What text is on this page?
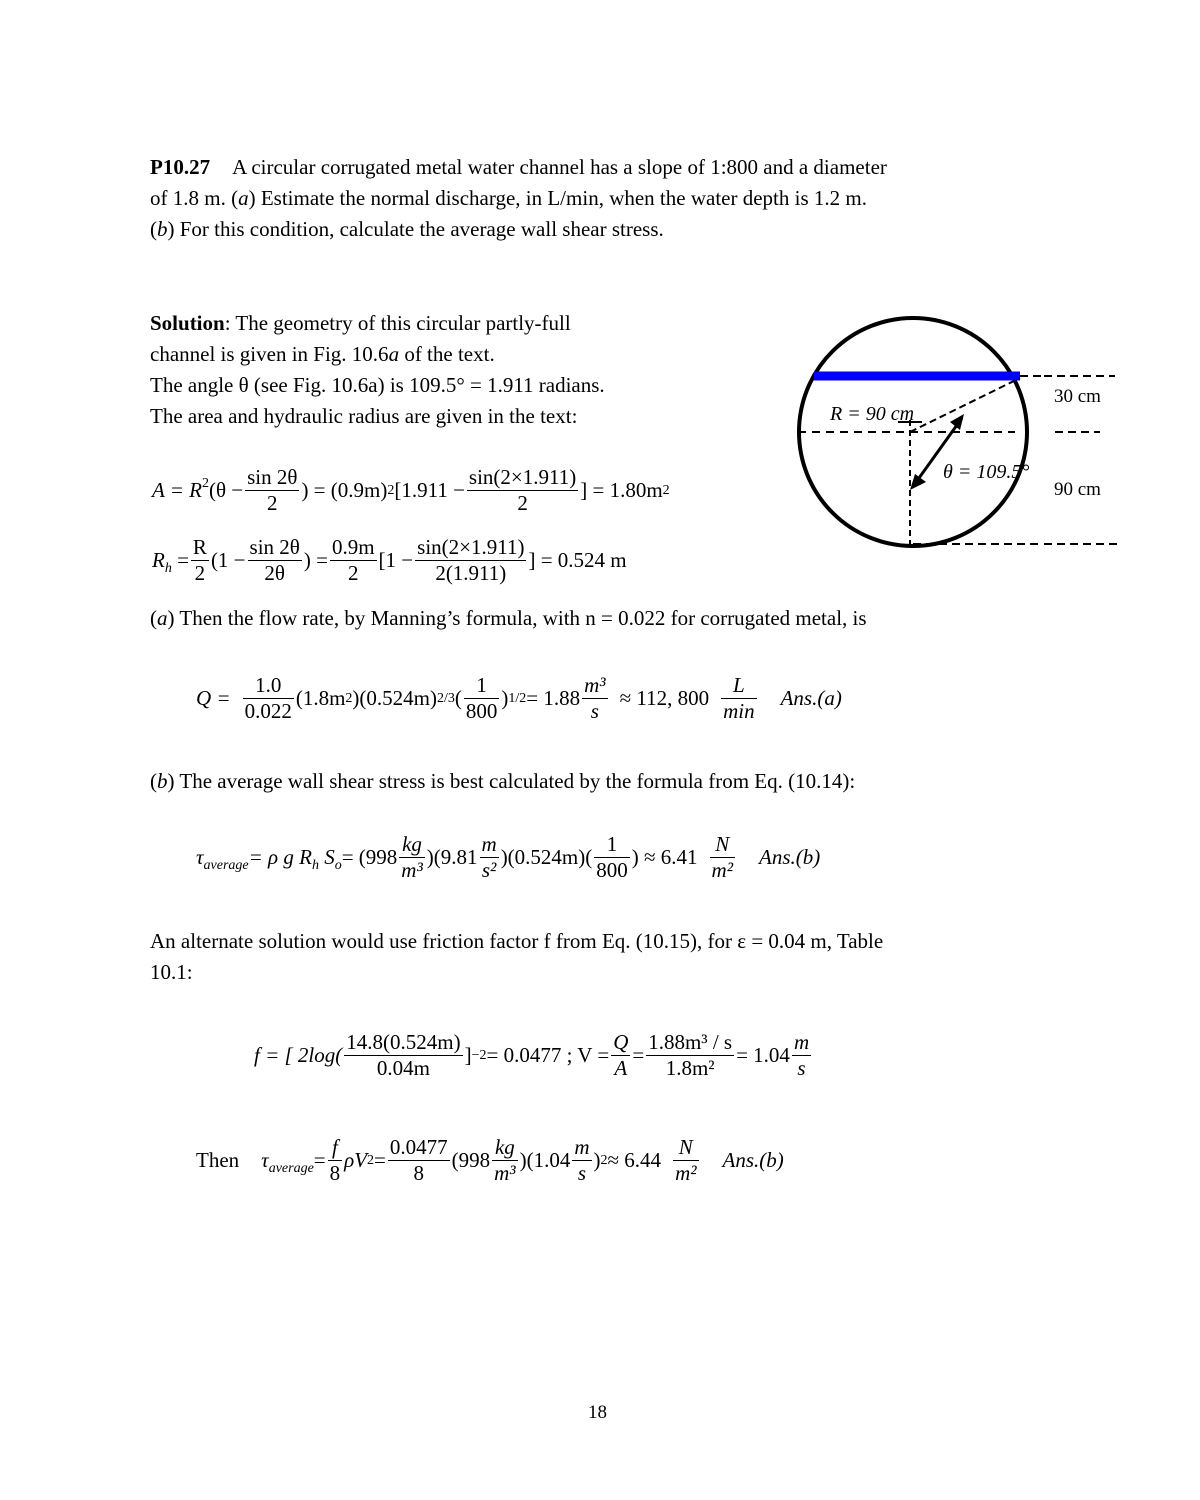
P10.27 A circular corrugated metal water channel has a slope of 1:800 and a diameter
of 1.8 m. (a) Estimate the normal discharge, in L/min, when the water depth is 1.2 m.
(b) For this condition, calculate the average wall shear stress.
Solution: The geometry of this circular partly-full
channel is given in Fig. 10.6a of the text.
The angle θ (see Fig. 10.6a) is 109.5° = 1.911 radians.
The area and hydraulic radius are given in the text:
$A = R^2$ ($\theta - \frac{\sin 2\theta}{2}$ ) = (0.9m) 2 [$1.911 - \frac{\sin(2\times 1.911)}{2}$ ] = 1.80m 2
$R_h = \frac{R}{2} (1 - \frac{\sin 2\theta}{2\theta}$ ) = $\frac{0.9m}{2} [1 - \frac{\sin(2\times 1.911)}{2(1.911)}$ ] = 0.524 m
(a) Then the flow rate, by Manning’s formula, with n = 0.022 for corrugated metal, is
$Q = \frac{1.0}{0.022} (1.8m$ 2 )(0.524m) 2/3 ( $\frac{1}{800}$ ) $1/2 = 1.88 \frac{\text{m³}}{s} \approx 112$, $800 \frac{L}{\min} Ans.(a)$
(b) The average wall shear stress is best calculated by the formula from Eq. (10.14):
$\tau_{average} = \rho$ g $R_h$ $S_o = (998 \frac{kg}{\text{m³}} )(9.81 \frac{m}{\text{s²}} )(0.524m)( \frac{1}{800}$ ) ≈ $6.41 \frac{N}{\text{m²}} Ans.(b)$
An alternate solution would use friction factor f from Eq. (10.15), for ε = 0.04 m, Table
10.1:
f = [ $2\log( \frac{14.8(0.524m)}{0.04m}$ ] −2 = 0.0477 ; $V = \frac{Q}{A} = \frac{\text{1.88m³ / s}}{\text{1.8m²}} = 1.04 \frac{m}{s}$
Then $\tau_{average} = \frac{f}{8}$ ρV $2 = \frac{0.0477}{8} (998 \frac{kg}{\text{m³}} )(1.04 \frac{m}{s}$ ) $2 \approx 6.44 \frac{N}{\text{m²}} Ans.(b)$
R = 90 cm
θ = 109.5°
30 cm
90 cm
18
